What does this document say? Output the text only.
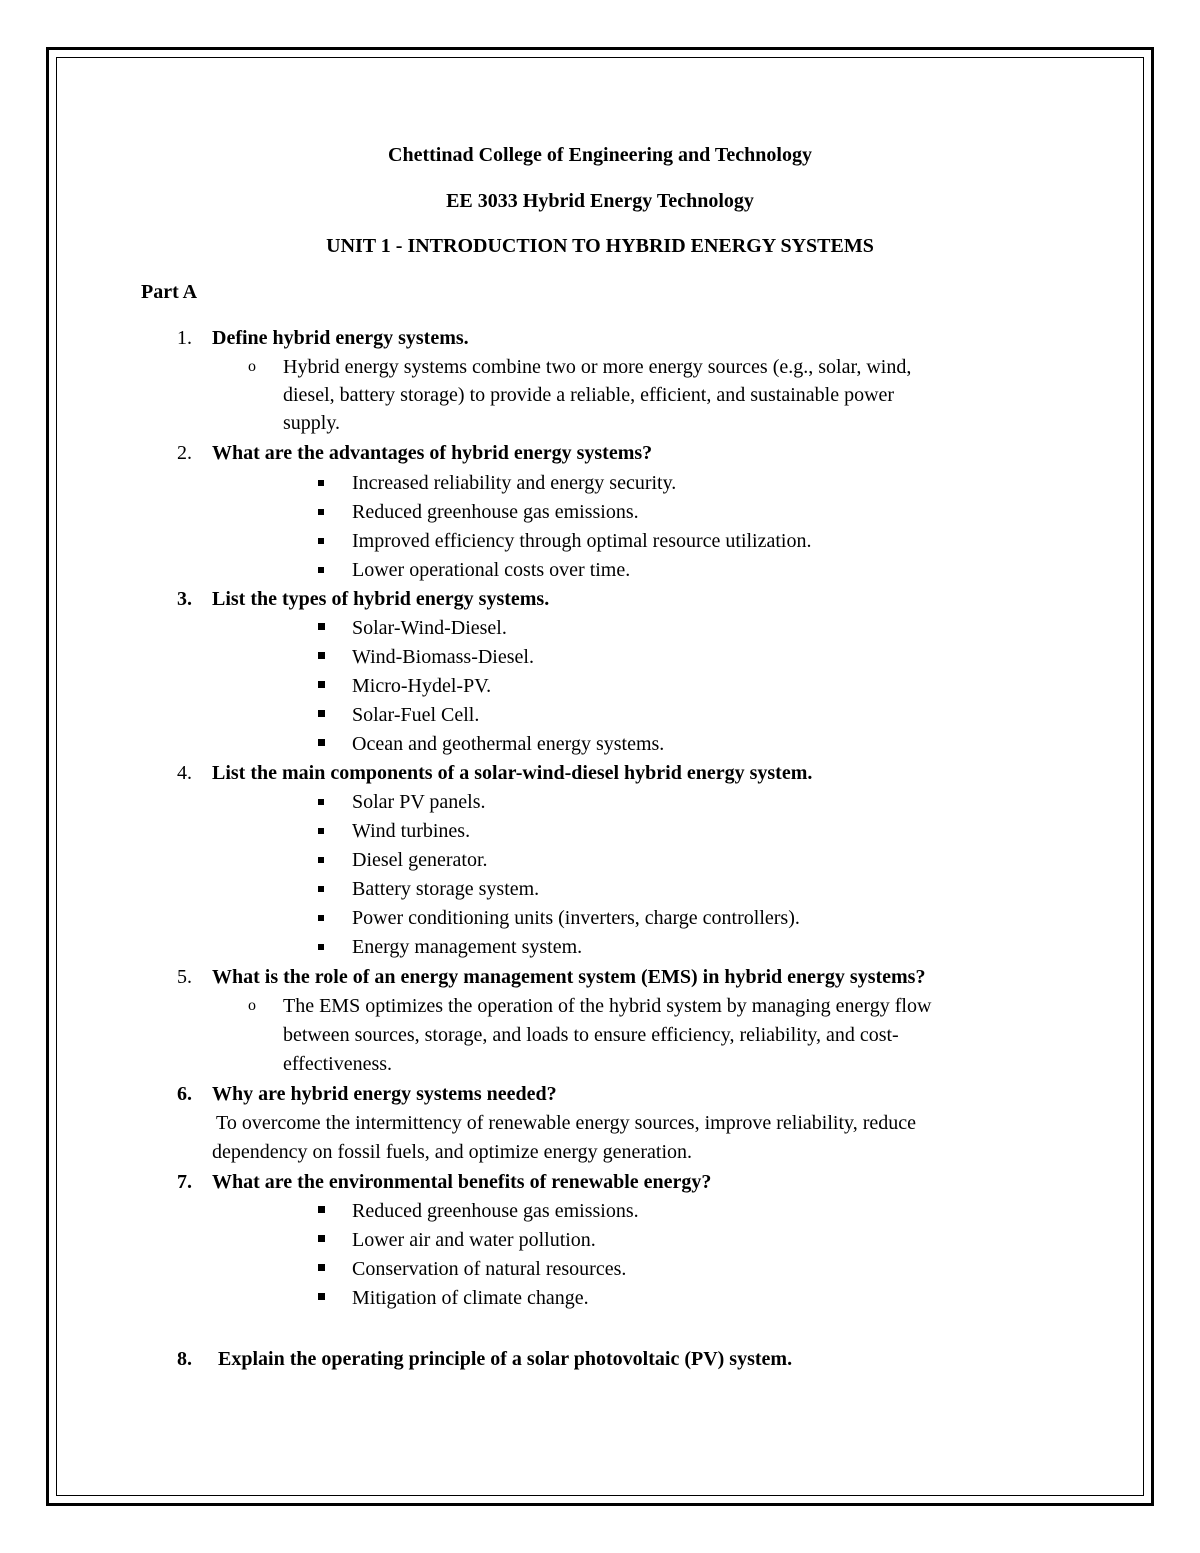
Chettinad College of Engineering and Technology
EE 3033 Hybrid Energy Technology
UNIT 1 - INTRODUCTION TO HYBRID ENERGY SYSTEMS
Part A
1. Define hybrid energy systems.
o Hybrid energy systems combine two or more energy sources (e.g., solar, wind,
diesel, battery storage) to provide a reliable, efficient, and sustainable power
supply.
2. What are the advantages of hybrid energy systems?
Increased reliability and energy security.
Reduced greenhouse gas emissions.
Improved efficiency through optimal resource utilization.
Lower operational costs over time.
3. List the types of hybrid energy systems.
Solar-Wind-Diesel.
Wind-Biomass-Diesel.
Micro-Hydel-PV.
Solar-Fuel Cell.
Ocean and geothermal energy systems.
4. List the main components of a solar-wind-diesel hybrid energy system.
Solar PV panels.
Wind turbines.
Diesel generator.
Battery storage system.
Power conditioning units (inverters, charge controllers).
Energy management system.
5. What is the role of an energy management system (EMS) in hybrid energy systems?
o The EMS optimizes the operation of the hybrid system by managing energy flow
between sources, storage, and loads to ensure efficiency, reliability, and cost-
effectiveness.
6. Why are hybrid energy systems needed?
To overcome the intermittency of renewable energy sources, improve reliability, reduce
dependency on fossil fuels, and optimize energy generation.
7. What are the environmental benefits of renewable energy?
Reduced greenhouse gas emissions.
Lower air and water pollution.
Conservation of natural resources.
Mitigation of climate change.
8. Explain the operating principle of a solar photovoltaic (PV) system.
